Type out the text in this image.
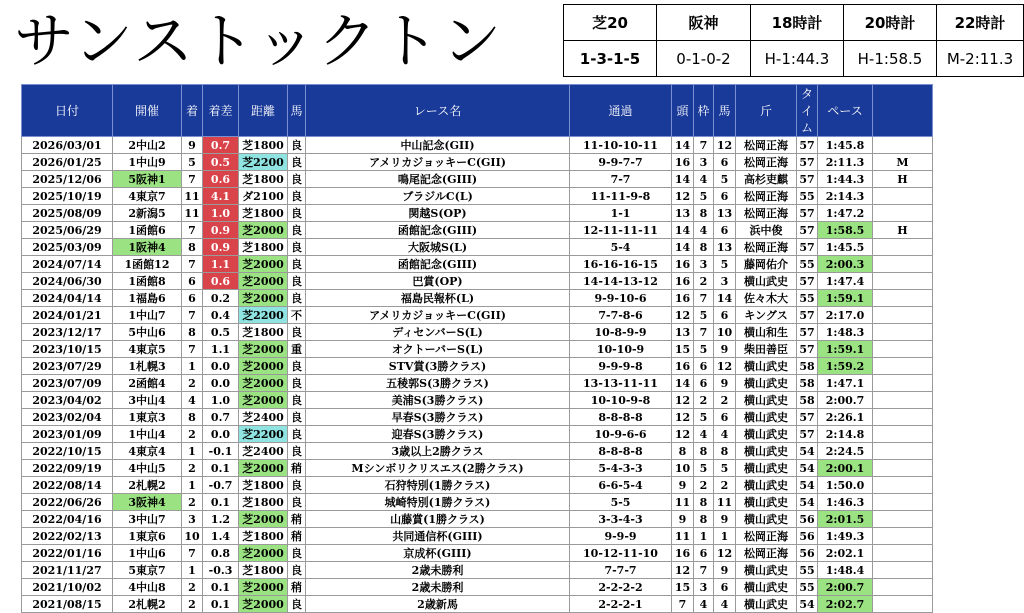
サンストックトン	芝20	阪神	18時計	20時計	22時計
1-3-1-5	0-1-0-2	H-1:44.3	H-1:58.5	M-2:11.3
日付	開催	着	着差	距離	馬	レース名	通過	頭	枠	馬	斤	タイム	ペース	
2026/03/01	2中山2	9	0.7	芝1800	良	中山記念(GII)	11-10-10-11	14	7	12	松岡正海	57	1:45.8	
2026/01/25	1中山9	5	0.5	芝2200	良	アメリカジョッキーC(GII)	9-9-7-7	16	3	6	松岡正海	57	2:11.3	M
2025/12/06	5阪神1	7	0.6	芝1800	良	鳴尾記念(GIII)	7-7	14	4	5	高杉吏麒	57	1:44.3	H
2025/10/19	4東京7	11	4.1	ダ2100	良	ブラジルC(L)	11-11-9-8	12	5	6	松岡正海	55	2:14.3	
2025/08/09	2新潟5	11	1.0	芝1800	良	関越S(OP)	1-1	13	8	13	松岡正海	57	1:47.2	
2025/06/29	1函館6	7	0.9	芝2000	良	函館記念(GIII)	12-11-11-11	14	4	6	浜中俊	57	1:58.5	H
2025/03/09	1阪神4	8	0.9	芝1800	良	大阪城S(L)	5-4	14	8	13	松岡正海	57	1:45.5	
2024/07/14	1函館12	7	1.1	芝2000	良	函館記念(GIII)	16-16-16-15	16	3	5	藤岡佑介	55	2:00.3	
2024/06/30	1函館8	6	0.6	芝2000	良	巴賞(OP)	14-14-13-12	16	2	3	横山武史	57	1:47.4	
2024/04/14	1福島6	6	0.2	芝2000	良	福島民報杯(L)	9-9-10-6	16	7	14	佐々木大	55	1:59.1	
2024/01/21	1中山7	7	0.4	芝2200	不	アメリカジョッキーC(GII)	7-7-8-6	12	5	6	キングス	57	2:17.0	
2023/12/17	5中山6	8	0.5	芝1800	良	ディセンバーS(L)	10-8-9-9	13	7	10	横山和生	57	1:48.3	
2023/10/15	4東京5	7	1.1	芝2000	重	オクトーバーS(L)	10-10-9	15	5	9	柴田善臣	57	1:59.1	
2023/07/29	1札幌3	1	0.0	芝2000	良	STV賞(3勝クラス)	9-9-9-8	16	6	12	横山武史	58	1:59.2	
2023/07/09	2函館4	2	0.0	芝2000	良	五稜郭S(3勝クラス)	13-13-11-11	14	6	9	横山武史	58	1:47.1	
2023/04/02	3中山4	4	1.0	芝2000	良	美浦S(3勝クラス)	10-10-9-8	12	2	2	横山武史	58	2:00.7	
2023/02/04	1東京3	8	0.7	芝2400	良	早春S(3勝クラス)	8-8-8-8	12	5	6	横山武史	57	2:26.1	
2023/01/09	1中山4	2	0.0	芝2200	良	迎春S(3勝クラス)	10-9-6-6	12	4	4	横山武史	57	2:14.8	
2022/10/15	4東京4	1	-0.1	芝2400	良	3歳以上2勝クラス	8-8-8-8	8	8	8	横山武史	54	2:24.5	
2022/09/19	4中山5	2	0.1	芝2000	稍	Mシンボリクリスエス(2勝クラス)	5-4-3-3	10	5	5	横山武史	54	2:00.1	
2022/08/14	2札幌2	1	-0.7	芝1800	良	石狩特別(1勝クラス)	6-6-5-4	9	2	2	横山武史	54	1:50.0	
2022/06/26	3阪神4	2	0.1	芝1800	良	城崎特別(1勝クラス)	5-5	11	8	11	横山武史	54	1:46.3	
2022/04/16	3中山7	3	1.2	芝2000	稍	山藤賞(1勝クラス)	3-3-4-3	9	8	9	横山武史	56	2:01.5	
2022/02/13	1東京6	10	1.4	芝1800	稍	共同通信杯(GIII)	9-9-9	11	1	1	松岡正海	56	1:49.3	
2022/01/16	1中山6	7	0.8	芝2000	良	京成杯(GIII)	10-12-11-10	16	6	12	松岡正海	56	2:02.1	
2021/11/27	5東京7	1	-0.3	芝1800	良	2歳未勝利	7-7-7	12	7	9	横山武史	55	1:48.4	
2021/10/02	4中山8	2	0.1	芝2000	稍	2歳未勝利	2-2-2-2	15	3	6	横山武史	55	2:00.7	
2021/08/15	2札幌2	2	0.1	芝2000	良	2歳新馬	2-2-2-1	7	4	4	横山武史	54	2:02.7	
